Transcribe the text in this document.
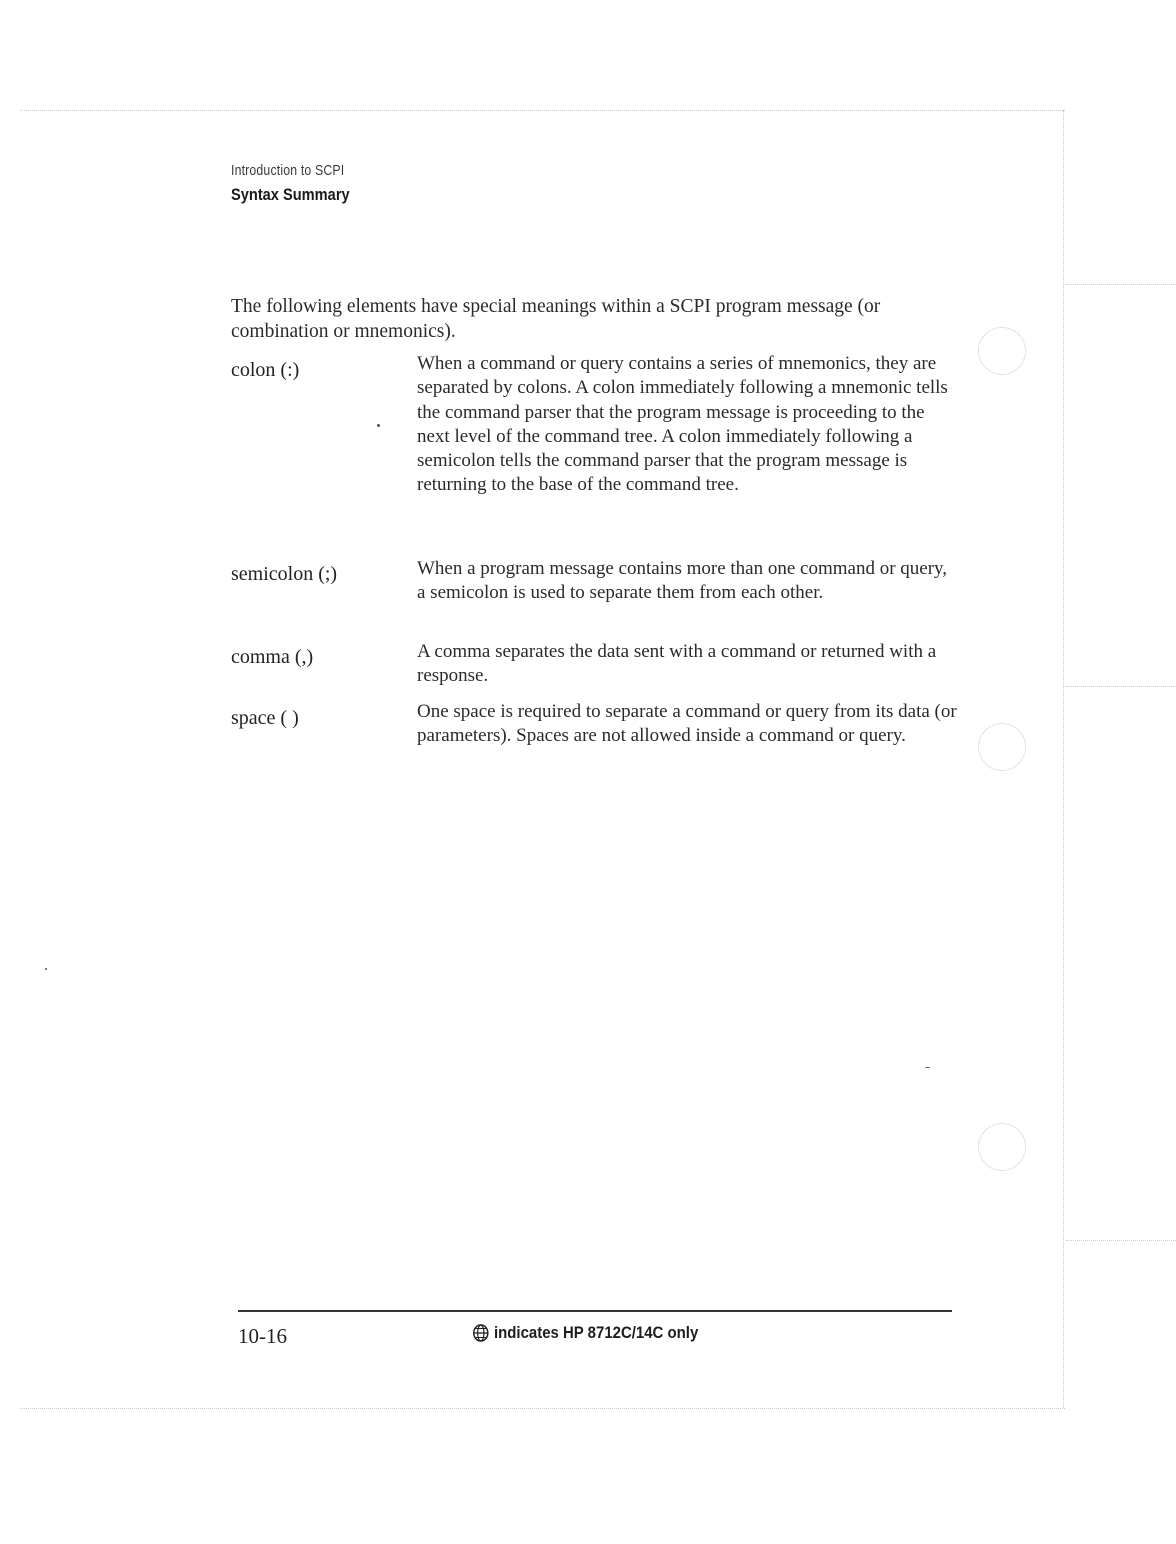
Introduction to SCPI
Syntax Summary
The following elements have special meanings within a SCPI program message (or combination or mnemonics).
colon (:)	When a command or query contains a series of mnemonics, they are separated by colons. A colon immediately following a mnemonic tells the command parser that the program message is proceeding to the next level of the command tree. A colon immediately following a semicolon tells the command parser that the program message is returning to the base of the command tree.
semicolon (;)	When a program message contains more than one command or query, a semicolon is used to separate them from each other.
comma (,)	A comma separates the data sent with a command or returned with a response.
space ( )	One space is required to separate a command or query from its data (or parameters). Spaces are not allowed inside a command or query.
10-16	indicates HP 8712C/14C only
